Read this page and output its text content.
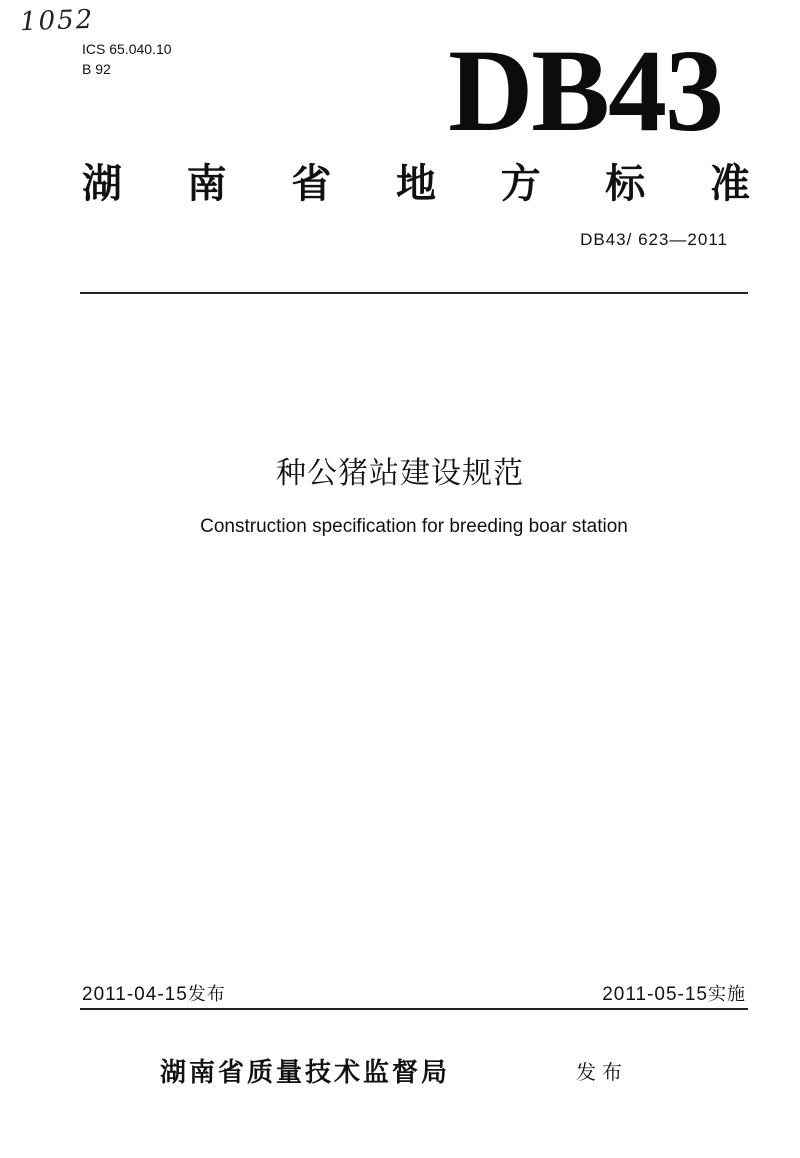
1052
ICS 65.040.10
B 92	DB43
湖 南 省 地 方 标 准
DB43/ 623—2011
种公猪站建设规范
Construction specification for breeding boar station
2011-04-15发布	2011-05-15实施
湖南省质量技术监督局	发布
